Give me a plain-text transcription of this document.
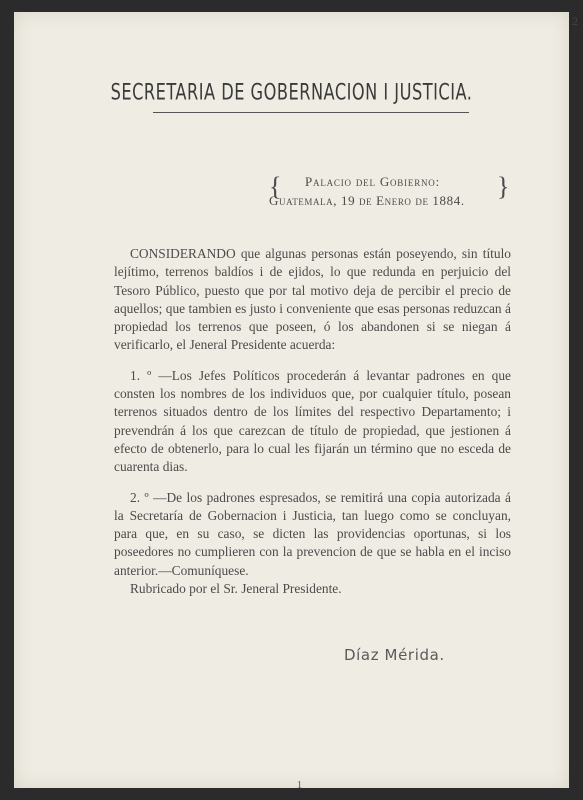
2
SECRETARIA DE GOBERNACION I JUSTICIA.
{	}
Palacio del Gobierno:
Guatemala, 19 de Enero de 1884.

CONSIDERANDO que algunas personas están poseyendo, sin título lejítimo, terrenos baldíos i de ejidos, lo que redunda en perjuicio del Tesoro Público, puesto que por tal motivo deja de percibir el precio de aquellos; que tambien es justo i conveniente que esas personas reduzcan á propiedad los terrenos que poseen, ó los abandonen si se niegan á verificarlo, el Jeneral Presidente acuerda:

1. º —Los Jefes Políticos procederán á levantar padrones en que consten los nombres de los individuos que, por cualquier título, posean terrenos situados dentro de los límites del respectivo Departamento; i prevendrán á los que carezcan de título de propiedad, que jestionen á efecto de obtenerlo, para lo cual les fijarán un término que no esceda de cuarenta dias.

2. º —De los padrones espresados, se remitirá una copia autorizada á la Secretaría de Gobernacion i Justicia, tan luego como se concluyan, para que, en su caso, se dicten las providencias oportunas, si los poseedores no cumplieren con la prevencion de que se habla en el inciso anterior.—Comuníquese.

Rubricado por el Sr. Jeneral Presidente.

Díaz Mérida.
1
